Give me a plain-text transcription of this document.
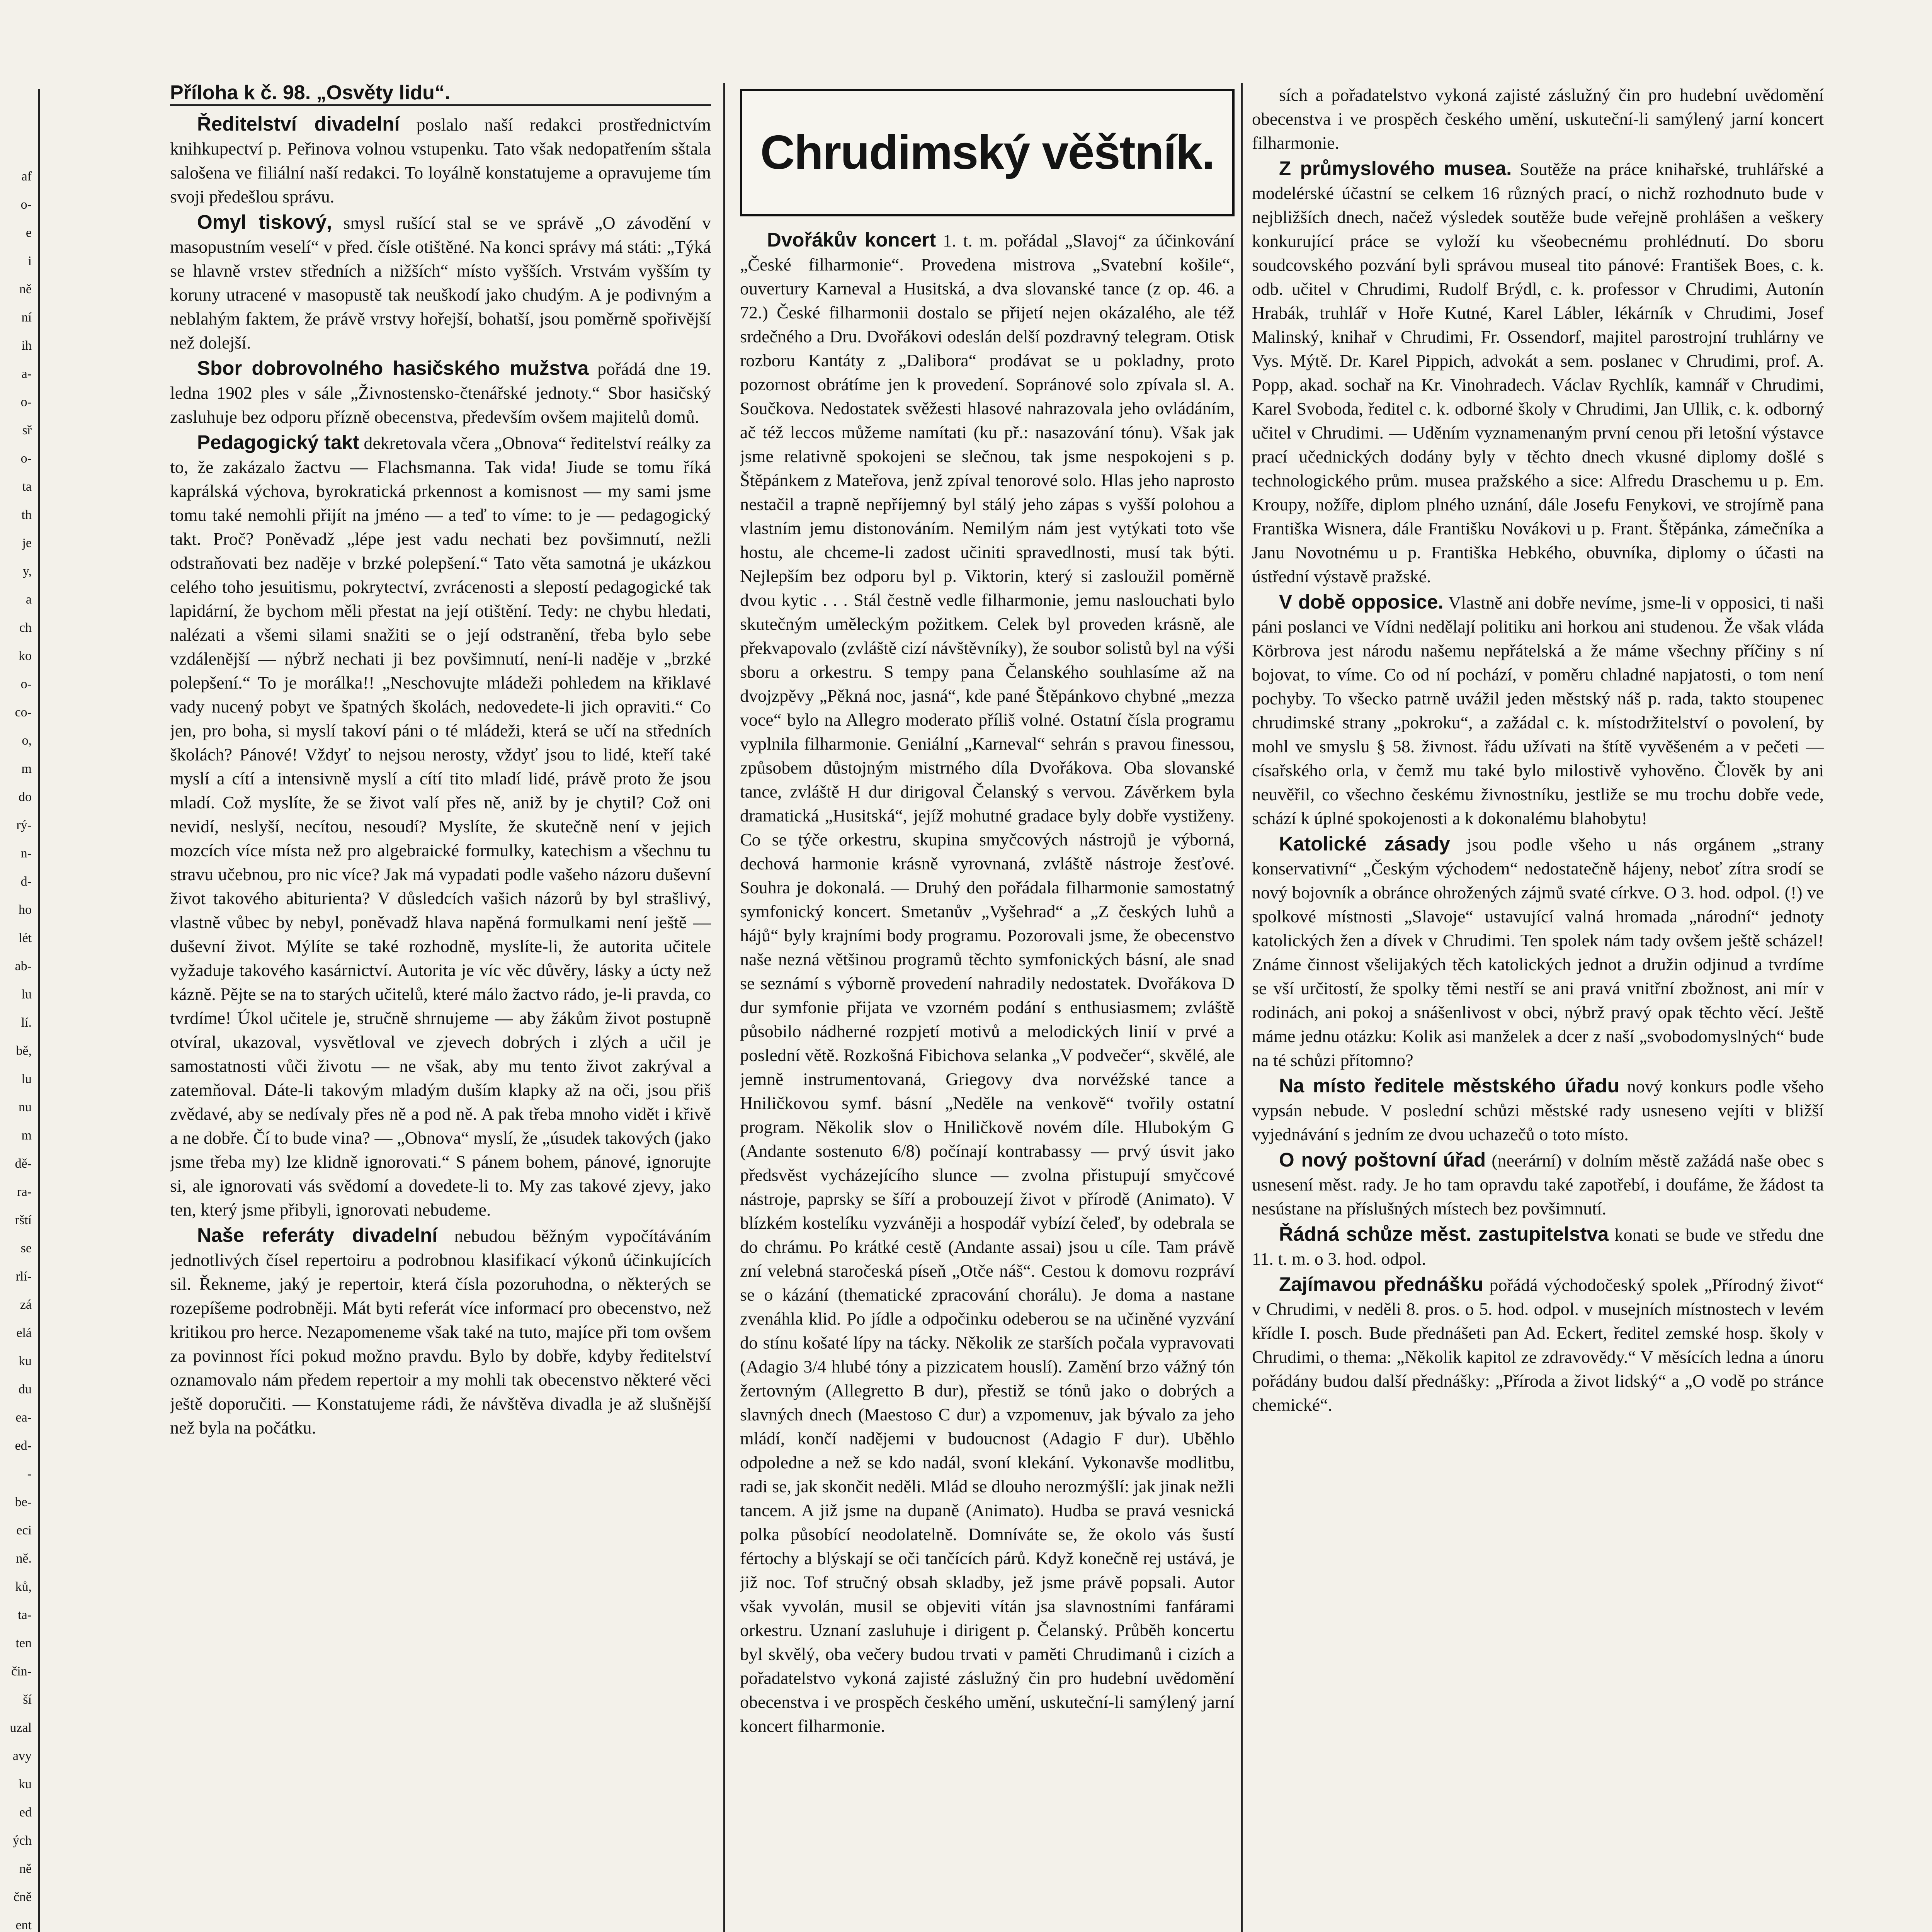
af
o-
e
i
ně
ní
ih
a-
o-
sř
o-
ta
th
je
y,
a
ch
ko
o-
co-
o,
m
do
rý-
n-
d-
ho
lét
ab-
lu
lí.
bě,
lu
nu
m
dě-
ra-
rští
se
rlí-
zá
elá
ku
du
ea-
ed-
-
be-
eci
ně.
ků,
ta-
ten
čin-
ší
uzal
avy
ku
ed
ých
ně
čně
ent
Příloha k č. 98. „Osvěty lidu“.
Chrudimský věštník.

Ředitelství divadelní poslalo naší redakci prostřednictvím knihkupectví p. Peřinova volnou vstupenku. Tato však nedopatřením sštala salošena ve filiální naší redakci. To loyálně konstatujeme a opravujeme tím svoji předešlou správu.

Omyl tiskový, smysl rušící stal se ve správě „O závodění v masopustním veselí“ v před. čísle otištěné. Na konci správy má státi: „Týká se hlavně vrstev středních a nižších“ místo vyšších. Vrstvám vyšším ty koruny utracené v masopustě tak neuškodí jako chudým. A je podivným a neblahým faktem, že právě vrstvy hořejší, bohatší, jsou poměrně spořivější než dolejší.

Sbor dobrovolného hasičského mužstva pořádá dne 19. ledna 1902 ples v sále „Živnostensko-čtenářské jednoty.“ Sbor hasičský zasluhuje bez odporu přízně obecenstva, především ovšem majitelů domů.

Pedagogický takt dekretovala včera „Obnova“ ředitelství reálky za to, že zakázalo žactvu — Flachsmanna. Tak vida! Jiude se tomu říká kaprálská výchova, byrokratická prkennost a komisnost — my sami jsme tomu také nemohli přijít na jméno — a teď to víme: to je — pedagogický takt. Proč? Poněvadž „lépe jest vadu nechati bez povšimnutí, nežli odstraňovati bez naděje v brzké polepšení.“ Tato věta samotná je ukázkou celého toho jesuitismu, pokrytectví, zvrácenosti a slepostí pedagogické tak lapidární, že bychom měli přestat na její otištění. Tedy: ne chybu hledati, nalézati a všemi silami snažiti se o její odstranění, třeba bylo sebe vzdálenější — nýbrž nechati ji bez povšimnutí, není-li naděje v „brzké polepšení.“ To je morálka!! „Neschovujte mládeži pohledem na křiklavé vady nucený pobyt ve špatných školách, nedovedete-li jich opraviti.“ Co jen, pro boha, si myslí takoví páni o té mládeži, která se učí na středních školách? Pánové! Vždyť to nejsou nerosty, vždyť jsou to lidé, kteří také myslí a cítí a intensivně myslí a cítí tito mladí lidé, právě proto že jsou mladí. Což myslíte, že se život valí přes ně, aniž by je chytil? Což oni nevidí, neslyší, necítou, nesoudí? Myslíte, že skutečně není v jejich mozcích více místa než pro algebraické formulky, katechism a všechnu tu stravu učebnou, pro nic více? Jak má vypadati podle vašeho názoru duševní život takového abiturienta? V důsledcích vašich názorů by byl strašlivý, vlastně vůbec by nebyl, poněvadž hlava napěná formulkami není ještě — duševní život. Mýlíte se také rozhodně, myslíte-li, že autorita učitele vyžaduje takového kasárnictví. Autorita je víc věc důvěry, lásky a úcty než kázně. Pějte se na to starých učitelů, které málo žactvo rádo, je-li pravda, co tvrdíme! Úkol učitele je, stručně shrnujeme — aby žákům život postupně otvíral, ukazoval, vysvětloval ve zjevech dobrých i zlých a učil je samostatnosti vůči životu — ne však, aby mu tento život zakrýval a zatemňoval. Dáte-li takovým mladým duším klapky až na oči, jsou přiš zvědavé, aby se nedívaly přes ně a pod ně. A pak třeba mnoho vidět i křivě a ne dobře. Čí to bude vina? — „Obnova“ myslí, že „úsudek takových (jako jsme třeba my) lze klidně ignorovati.“ S pánem bohem, pánové, ignorujte si, ale ignorovati vás svědomí a dovedete-li to. My zas takové zjevy, jako ten, který jsme přibyli, ignorovati nebudeme.

Naše referáty divadelní nebudou běžným vypočítáváním jednotlivých čísel repertoiru a podrobnou klasifikací výkonů účinkujících sil. Řekneme, jaký je repertoir, která čísla pozoruhodna, o některých se rozepíšeme podrobněji. Mát byti referát více informací pro obecenstvo, než kritikou pro herce. Nezapomeneme však také na tuto, majíce při tom ovšem za povinnost říci pokud možno pravdu. Bylo by dobře, kdyby ředitelství oznamovalo nám předem repertoir a my mohli tak obecenstvo některé věci ještě doporučiti. — Konstatujeme rádi, že návštěva divadla je až slušnější než byla na počátku.

Dvořákův koncert 1. t. m. pořádal „Slavoj“ za účinkování „České filharmonie“. Provedena mistrova „Svatební košile“, ouvertury Karneval a Husitská, a dva slovanské tance (z op. 46. a 72.) České filharmonii dostalo se přijetí nejen okázalého, ale též srdečného a Dru. Dvořákovi odeslán delší pozdravný telegram. Otisk rozboru Kantáty z „Dalibora“ prodávat se u pokladny, proto pozornost obrátíme jen k provedení. Sopránové solo zpívala sl. A. Součkova. Nedostatek svěžesti hlasové nahrazovala jeho ovládáním, ač též leccos můžeme namítati (ku př.: nasazování tónu). Však jak jsme relativně spokojeni se slečnou, tak jsme nespokojeni s p. Štěpánkem z Mateřova, jenž zpíval tenorové solo. Hlas jeho naprosto nestačil a trapně nepříjemný byl stálý jeho zápas s vyšší polohou a vlastním jemu distonováním. Nemilým nám jest vytýkati toto vše hostu, ale chceme-li zadost učiniti spravedlnosti, musí tak býti. Nejlepším bez odporu byl p. Viktorin, který si zasloužil poměrně dvou kytic . . . Stál čestně vedle filharmonie, jemu naslouchati bylo skutečným uměleckým požitkem. Celek byl proveden krásně, ale překvapovalo (zvláště cizí návštěvníky), že soubor solistů byl na výši sboru a orkestru. S tempy pana Čelanského souhlasíme až na dvojzpěvy „Pěkná noc, jasná“, kde pané Štěpánkovo chybné „mezza voce“ bylo na Allegro moderato příliš volné. Ostatní čísla programu vyplnila filharmonie. Geniální „Karneval“ sehrán s pravou finessou, způsobem důstojným mistrného díla Dvořákova. Oba slovanské tance, zvláště H dur dirigoval Čelanský s vervou. Závěrkem byla dramatická „Husitská“, jejíž mohutné gradace byly dobře vystiženy. Co se týče orkestru, skupina smyčcových nástrojů je výborná, dechová harmonie krásně vyrovnaná, zvláště nástroje žesťové. Souhra je dokonalá. — Druhý den pořádala filharmonie samostatný symfonický koncert. Smetanův „Vyšehrad“ a „Z českých luhů a hájů“ byly krajními body programu. Pozorovali jsme, že obecenstvo naše nezná většinou programů těchto symfonických básní, ale snad se seznámí s výborně provedení nahradily nedostatek. Dvořákova D dur symfonie přijata ve vzorném podání s enthusiasmem; zvláště působilo nádherné rozpjetí motivů a melodických linií v prvé a poslední větě. Rozkošná Fibichova selanka „V podvečer“, skvělé, ale jemně instrumentovaná, Griegovy dva norvéžské tance a Hniličkovou symf. básní „Neděle na venkově“ tvořily ostatní program. Několik slov o Hniličkově novém díle. Hlubokým G (Andante sostenuto 6/8) počínají kontrabassy — prvý úsvit jako předsvěst vycházejícího slunce — zvolna přistupují smyčcové nástroje, paprsky se šíří a probouzejí život v přírodě (Animato). V blízkém kostelíku vyzváněji a hospodář vybízí čeleď, by odebrala se do chrámu. Po krátké cestě (Andante assai) jsou u cíle. Tam právě zní velebná staročeská píseň „Otče náš“. Cestou k domovu rozpráví se o kázání (thematické zpracování chorálu). Je doma a nastane zvenáhla klid. Po jídle a odpočinku odeberou se na učiněné vyzvání do stínu košaté lípy na tácky. Několik ze starších počala vypravovati (Adagio 3/4 hlubé tóny a pizzicatem houslí). Zamění brzo vážný tón žertovným (Allegretto B dur), přestiž se tónů jako o dobrých a slavných dnech (Maestoso C dur) a vzpomenuv, jak bývalo za jeho mládí, končí nadějemi v budoucnost (Adagio F dur). Uběhlo odpoledne a než se kdo nadál, svoní klekání. Vykonavše modlitbu, radi se, jak skončit neděli. Mlád se dlouho nerozmýšlí: jak jinak nežli tancem. A již jsme na dupaně (Animato). Hudba se pravá vesnická polka působící neodolatelně. Domníváte se, že okolo vás šustí fértochy a blýskají se oči tančících párů. Když konečně rej ustává, je již noc. Tof stručný obsah skladby, jež jsme právě popsali. Autor však vyvolán, musil se objeviti vítán jsa slavnostními fanfárami orkestru. Uznaní zasluhuje i dirigent p. Čelanský. Průběh koncertu byl skvělý, oba večery budou trvati v paměti Chrudimanů i cizích a pořadatelstvo vykoná zajisté záslužný čin pro hudební uvědomění obecenstva i ve prospěch českého umění, uskuteční-li samýlený jarní koncert filharmonie.

sích a pořadatelstvo vykoná zajisté záslužný čin pro hudební uvědomění obecenstva i ve prospěch českého umění, uskuteční-li samýlený jarní koncert filharmonie.

Z průmyslového musea. Soutěže na práce knihařské, truhlářské a modelérské účastní se celkem 16 různých prací, o nichž rozhodnuto bude v nejbližších dnech, načež výsledek soutěže bude veřejně prohlášen a veškery konkurující práce se vyloží ku všeobecnému prohlédnutí. Do sboru soudcovského pozvání byli správou museal tito pánové: František Boes, c. k. odb. učitel v Chrudimi, Rudolf Brýdl, c. k. professor v Chrudimi, Autonín Hrabák, truhlář v Hoře Kutné, Karel Lábler, lékárník v Chrudimi, Josef Malinský, knihař v Chrudimi, Fr. Ossendorf, majitel parostrojní truhlárny ve Vys. Mýtě. Dr. Karel Pippich, advokát a sem. poslanec v Chrudimi, prof. A. Popp, akad. sochař na Kr. Vinohradech. Václav Rychlík, kamnář v Chrudimi, Karel Svoboda, ředitel c. k. odborné školy v Chrudimi, Jan Ullik, c. k. odborný učitel v Chrudimi. — Uděním vyznamenaným první cenou při letošní výstavce prací učednických dodány byly v těchto dnech vkusné diplomy došlé s technologického prům. musea pražského a sice: Alfredu Draschemu u p. Em. Kroupy, nožíře, diplom plného uznání, dále Josefu Fenykovi, ve strojírně pana Františka Wisnera, dále Františku Novákovi u p. Frant. Štěpánka, zámečníka a Janu Novotnému u p. Františka Hebkého, obuvníka, diplomy o účasti na ústřední výstavě pražské.

V době opposice. Vlastně ani dobře nevíme, jsme-li v opposici, ti naši páni poslanci ve Vídni nedělají politiku ani horkou ani studenou. Že však vláda Körbrova jest národu našemu nepřátelská a že máme všechny příčiny s ní bojovat, to víme. Co od ní pochází, v poměru chladné napjatosti, o tom není pochyby. To všecko patrně uvážil jeden městský náš p. rada, takto stoupenec chrudimské strany „pokroku“, a zažádal c. k. místodržitelství o povolení, by mohl ve smyslu § 58. živnost. řádu užívati na štítě vyvěšeném a v pečeti — císařského orla, v čemž mu také bylo milostivě vyhověno. Člověk by ani neuvěřil, co všechno českému živnostníku, jestliže se mu trochu dobře vede, schází k úplné spokojenosti a k dokonalému blahobytu!

Katolické zásady jsou podle všeho u nás orgánem „strany konservativní“ „Českým východem“ nedostatečně hájeny, neboť zítra srodí se nový bojovník a obránce ohrožených zájmů svaté církve. O 3. hod. odpol. (!) ve spolkové místnosti „Slavoje“ ustavující valná hromada „národní“ jednoty katolických žen a dívek v Chrudimi. Ten spolek nám tady ovšem ještě scházel! Známe činnost všelijakých těch katolických jednot a družin odjinud a tvrdíme se vší určitostí, že spolky těmi nestří se ani pravá vnitřní zbožnost, ani mír v rodinách, ani pokoj a snášenlivost v obci, nýbrž pravý opak těchto věcí. Ještě máme jednu otázku: Kolik asi manželek a dcer z naší „svobodomyslných“ bude na té schůzi přítomno?

Na místo ředitele městského úřadu nový konkurs podle všeho vypsán nebude. V poslední schůzi městské rady usneseno vejíti v bližší vyjednávání s jedním ze dvou uchazečů o toto místo.

O nový poštovní úřad (neerární) v dolním městě zažádá naše obec s usnesení měst. rady. Je ho tam opravdu také zapotřebí, i doufáme, že žádost ta nesústane na příslušných místech bez povšimnutí.

Řádná schůze měst. zastupitelstva konati se bude ve středu dne 11. t. m. o 3. hod. odpol.

Zajímavou přednášku pořádá východočeský spolek „Přírodný život“ v Chrudimi, v neděli 8. pros. o 5. hod. odpol. v musejních místnostech v levém křídle I. posch. Bude přednášeti pan Ad. Eckert, ředitel zemské hosp. školy v Chrudimi, o thema: „Několik kapitol ze zdravovědy.“ V měsících ledna a únoru pořádány budou další přednášky: „Příroda a život lidský“ a „O vodě po stránce chemické“.
